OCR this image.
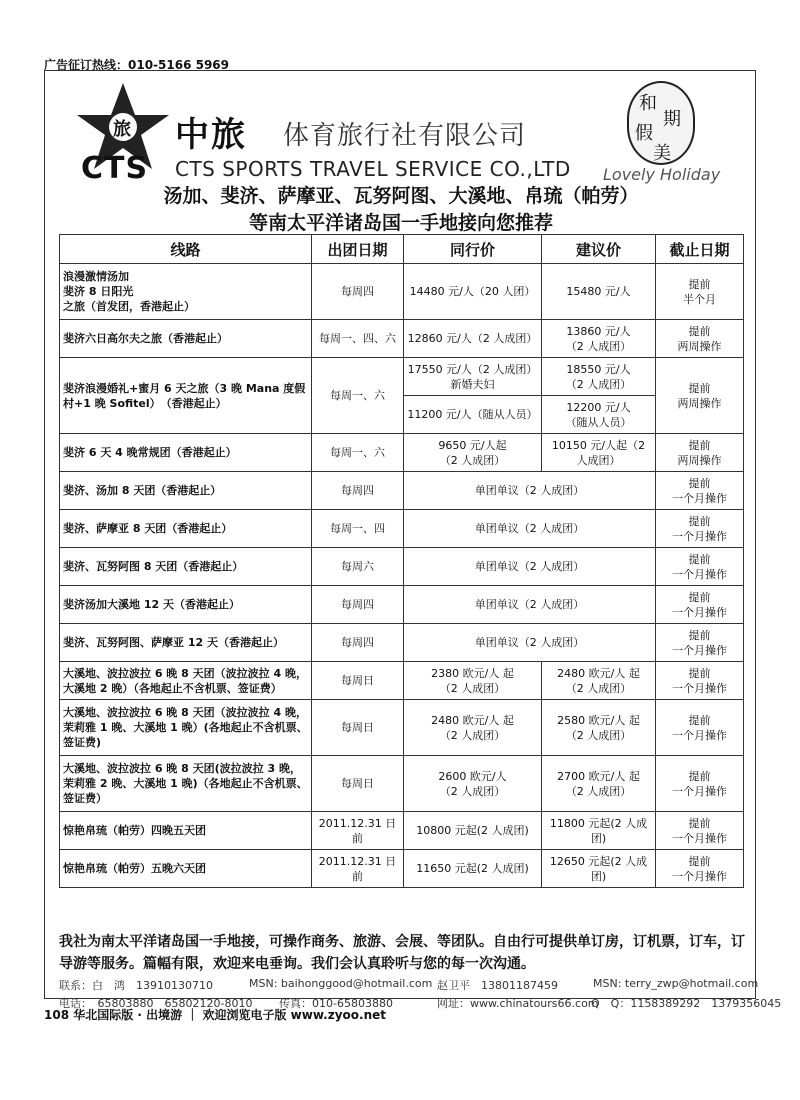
广告征订热线：010-5166 5969
旅
CTS
中旅 体育旅行社有限公司
CTS SPORTS TRAVEL SERVICE CO.,LTD
和
期
假
美
Lovely Holiday
汤加、斐济、萨摩亚、瓦努阿图、大溪地、帛琉（帕劳）
等南太平洋诸岛国一手地接向您推荐
线路	出团日期	同行价	建议价	截止日期
浪漫激情汤加
斐济 8 日阳光
之旅（首发团，香港起止）	每周四	14480 元/人（20 人团）	15480 元/人	提前
半个月
斐济六日高尔夫之旅（香港起止）	每周一、四、六	12860 元/人（2 人成团）	13860 元/人
（2 人成团）	提前
两周操作
斐济浪漫婚礼+蜜月 6 天之旅（3 晚 Mana 度假村+1 晚 Sofitel）　（香港起止）	每周一、六	17550 元/人（2 人成团）
新婚夫妇	18550 元/人
（2 人成团）	提前
两周操作
		11200 元/人（随从人员）	12200 元/人
（随从人员）	
斐济 6 天 4 晚常规团（香港起止）	每周一、六	9650 元/人起
（2 人成团）	10150 元/人起（2
人成团）	提前
两周操作
斐济、汤加 8 天团（香港起止）	每周四	单团单议（2 人成团）		提前
一个月操作
斐济、萨摩亚 8 天团（香港起止）	每周一、四	单团单议（2 人成团）		提前
一个月操作
斐济、瓦努阿图 8 天团（香港起止）	每周六	单团单议（2 人成团）		提前
一个月操作
斐济汤加大溪地 12 天（香港起止）	每周四	单团单议（2 人成团）		提前
一个月操作
斐济、瓦努阿图、萨摩亚 12 天（香港起止）	每周四	单团单议（2 人成团）		提前
一个月操作
大溪地、波拉波拉 6 晚 8 天团（波拉波拉 4 晚，大溪地 2 晚）（各地起止不含机票、签证费）	每周日	2380 欧元/人 起
（2 人成团）	2480 欧元/人 起
（2 人成团）	提前
一个月操作
大溪地、波拉波拉 6 晚 8 天团（波拉波拉 4 晚，茉莉雅 1 晚、大溪地 1 晚）(各地起止不含机票、签证费)	每周日	2480 欧元/人 起
（2 人成团）	2580 欧元/人 起
（2 人成团）	提前
一个月操作
大溪地、波拉波拉 6 晚 8 天团(波拉波拉 3 晚，茉莉雅 2 晚、大溪地 1 晚)（各地起止不含机票、签证费）	每周日	2600 欧元/人
（2 人成团）	2700 欧元/人 起
（2 人成团）	提前
一个月操作
惊艳帛琉（帕劳）四晚五天团	2011.12.31 日前	10800 元起(2 人成团)	11800 元起(2 人成团)	提前
一个月操作
惊艳帛琉（帕劳）五晚六天团	2011.12.31 日前	11650 元起(2 人成团)	12650 元起(2 人成团)	提前
一个月操作
我社为南太平洋诸岛国一手地接，可操作商务、旅游、会展、等团队。自由行可提供单订房，订机票，订车，订导游等服务。篇幅有限，欢迎来电垂询。我们会认真聆听与您的每一次沟通。
联系：白　鸿　13910130710	MSN: baihonggood@hotmail.com 赵卫平　13801187459	MSN: terry_zwp@hotmail.com
电话：　65803880　65802120-8010 传真：010-65803880	网址：www.chinatours66.com
Q　Q：1158389292　1379356045
108 华北国际版 · 出境游 ｜ 欢迎浏览电子版 www.zyoo.net
